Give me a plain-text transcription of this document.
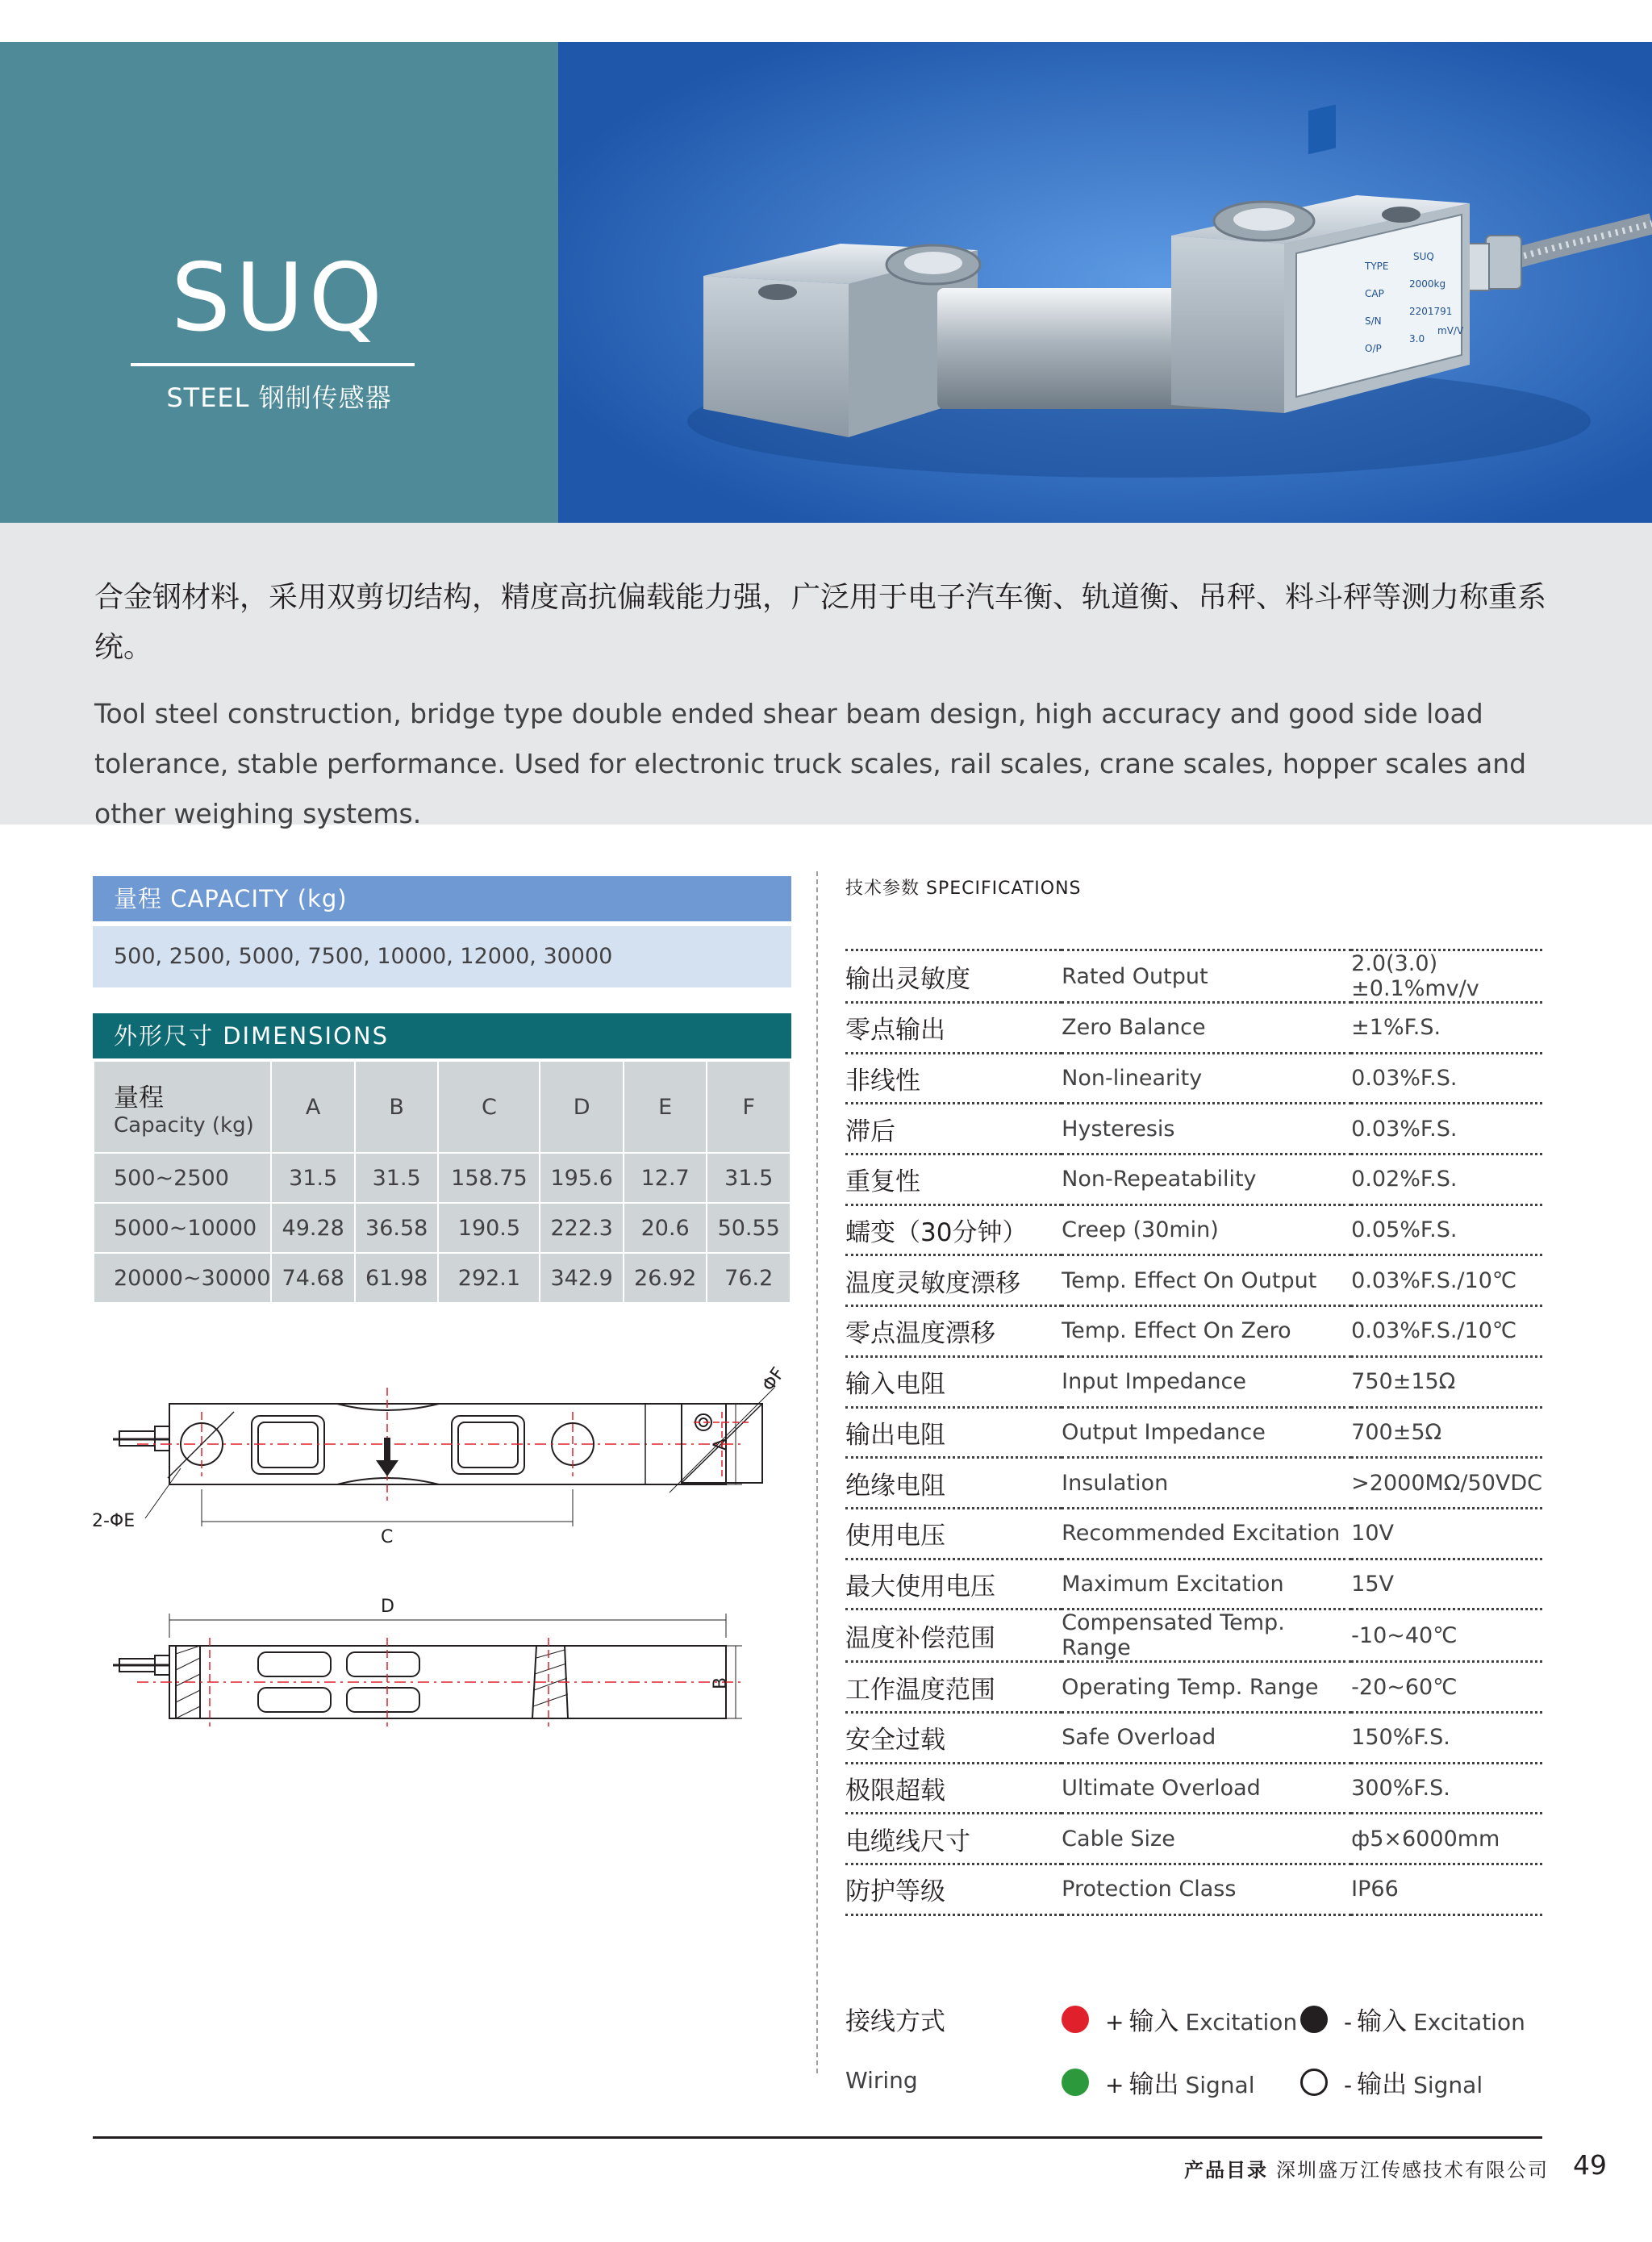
SUQ
STEEL 钢制传感器
TYPE
SUQ
CAP
2000kg
S/N
2201791
O/P
3.0
mV/V
合金钢材料，采用双剪切结构，精度高抗偏载能力强，广泛用于电子汽车衡、轨道衡、吊秤、料斗秤等测力称重系统。
Tool steel construction, bridge type double ended shear beam design, high accuracy and good side load tolerance, stable performance. Used for electronic truck scales, rail scales, crane scales, hopper scales and other weighing systems.
量程 CAPACITY (kg)
500, 2500, 5000, 7500, 10000, 12000, 30000
外形尺寸 DIMENSIONS
量程
Capacity (kg)	A	B	C	D	E	F
500~2500	31.5	31.5	158.75	195.6	12.7	31.5
5000~10000	49.28	36.58	190.5	222.3	20.6	50.55
20000~30000	74.68	61.98	292.1	342.9	26.92	76.2
A
C
2-ΦE
ΦF
D
B
技术参数 SPECIFICATIONS
输出灵敏度	Rated Output	2.0(3.0)±0.1%mv/v
零点输出	Zero Balance	±1%F.S.
非线性	Non-linearity	0.03%F.S.
滞后	Hysteresis	0.03%F.S.
重复性	Non-Repeatability	0.02%F.S.
蠕变（30分钟）	Creep (30min)	0.05%F.S.
温度灵敏度漂移	Temp. Effect On Output	0.03%F.S./10℃
零点温度漂移	Temp. Effect On Zero	0.03%F.S./10℃
输入电阻	Input Impedance	750±15Ω
输出电阻	Output Impedance	700±5Ω
绝缘电阻	Insulation	>2000MΩ/50VDC
使用电压	Recommended Excitation	10V
最大使用电压	Maximum Excitation	15V
温度补偿范围	Compensated Temp. Range	-10~40℃
工作温度范围	Operating Temp. Range	-20~60℃
安全过载	Safe Overload	150%F.S.
极限超载	Ultimate Overload	300%F.S.
电缆线尺寸	Cable Size	ф5×6000mm
防护等级	Protection Class	IP66
接线方式
Wiring
+ 输入 Excitation - 输入 Excitation
+ 输出 Signal	- 输出 Signal
产品目录 深圳盛万江传感技术有限公司 49
